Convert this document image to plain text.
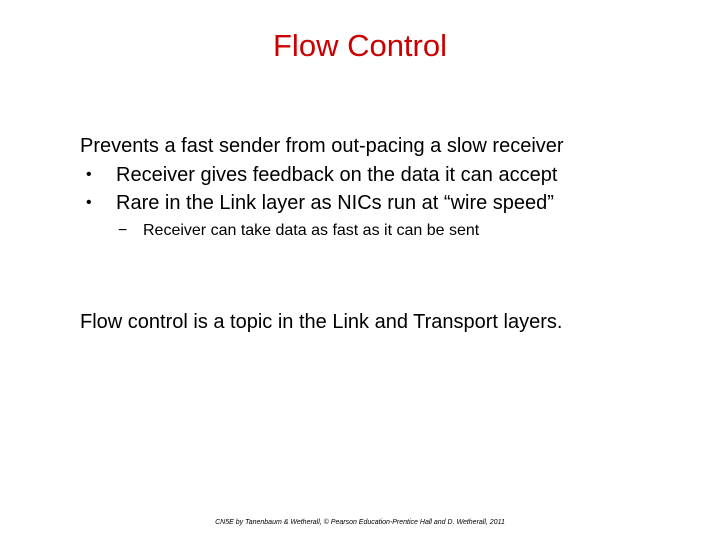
Flow Control
Prevents a fast sender from out-pacing a slow receiver
• Receiver gives feedback on the data it can accept
• Rare in the Link layer as NICs run at “wire speed”
− Receiver can take data as fast as it can be sent
Flow control is a topic in the Link and Transport layers.
CN5E by Tanenbaum & Wetherall, © Pearson Education-Prentice Hall and D. Wetherall, 2011
